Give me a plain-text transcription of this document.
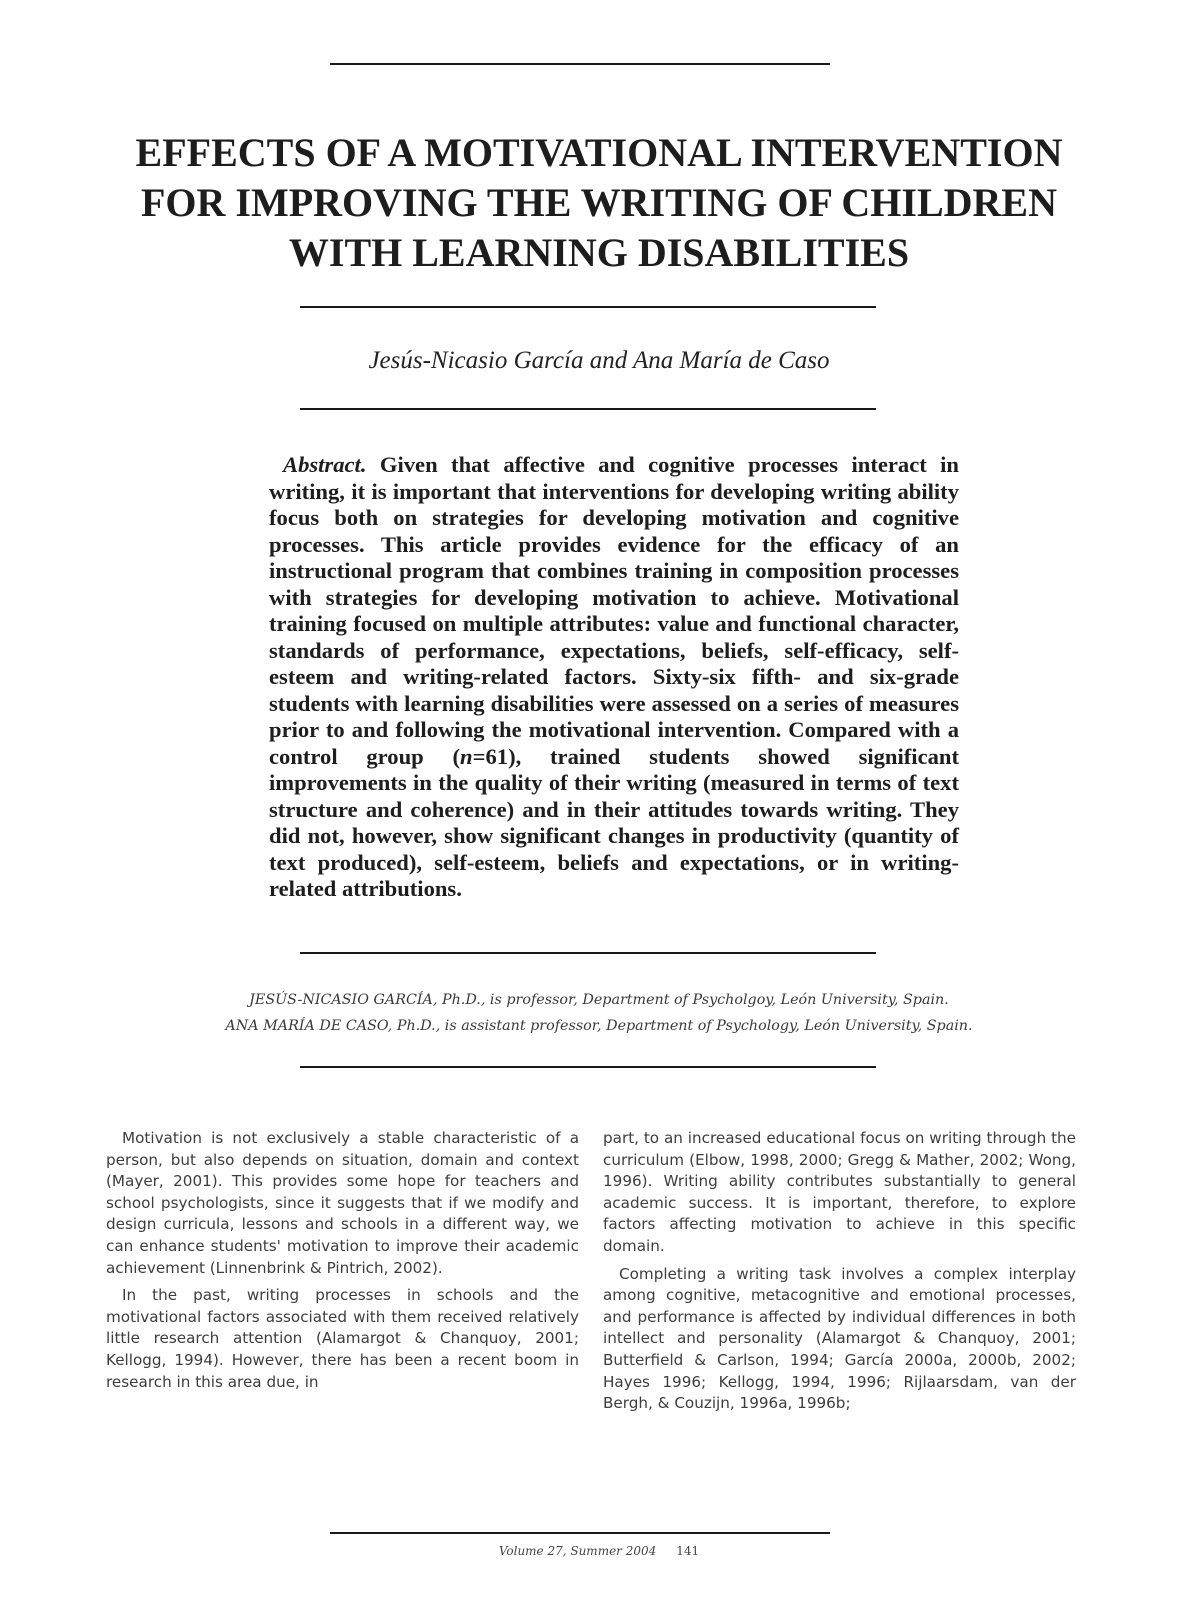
EFFECTS OF A MOTIVATIONAL INTERVENTION
FOR IMPROVING THE WRITING OF CHILDREN
WITH LEARNING DISABILITIES
Jesús-Nicasio García and Ana María de Caso
Abstract. Given that affective and cognitive processes interact in writing, it is important that interventions for developing writing ability focus both on strategies for developing motivation and cognitive processes. This article provides evidence for the efficacy of an instructional program that combines training in composition processes with strategies for developing motivation to achieve. Motivational training focused on multiple attributes: value and functional character, standards of performance, expectations, beliefs, self-efficacy, self-esteem and writing-related factors. Sixty-six fifth- and six-grade students with learning disabilities were assessed on a series of measures prior to and following the motivational intervention. Compared with a control group (n=61), trained students showed significant improvements in the quality of their writing (measured in terms of text structure and coherence) and in their attitudes towards writing. They did not, however, show significant changes in productivity (quantity of text produced), self-esteem, beliefs and expectations, or in writing-related attributions.
JESÚS-NICASIO GARCÍA, Ph.D., is professor, Department of Psycholgoy, León University, Spain.
ANA MARÍA DE CASO, Ph.D., is assistant professor, Department of Psychology, León University, Spain.

Motivation is not exclusively a stable characteristic of a person, but also depends on situation, domain and context (Mayer, 2001). This provides some hope for teachers and school psychologists, since it suggests that if we modify and design curricula, lessons and schools in a different way, we can enhance students' motivation to improve their academic achievement (Linnenbrink & Pintrich, 2002).

In the past, writing processes in schools and the motivational factors associated with them received relatively little research attention (Alamargot & Chanquoy, 2001; Kellogg, 1994). However, there has been a recent boom in research in this area due, in

part, to an increased educational focus on writing through the curriculum (Elbow, 1998, 2000; Gregg & Mather, 2002; Wong, 1996). Writing ability contributes substantially to general academic success. It is important, therefore, to explore factors affecting motivation to achieve in this specific domain.

Completing a writing task involves a complex interplay among cognitive, metacognitive and emotional processes, and performance is affected by individual differences in both intellect and personality (Alamargot & Chanquoy, 2001; Butterfield & Carlson, 1994; García 2000a, 2000b, 2002; Hayes 1996; Kellogg, 1994, 1996; Rijlaarsdam, van der Bergh, & Couzijn, 1996a, 1996b;

Volume 27, Summer 2004 141
